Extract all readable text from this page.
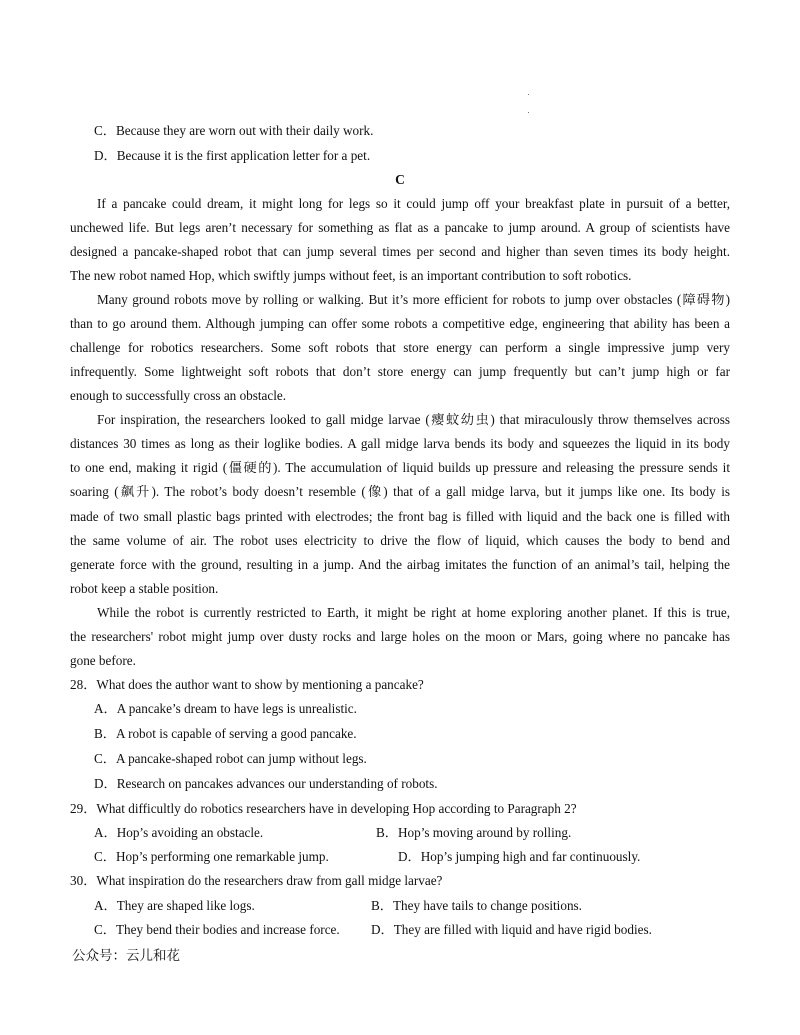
C．Because they are worn out with their daily work.
D．Because it is the first application letter for a pet.
C
If a pancake could dream, it might long for legs so it could jump off your breakfast plate in pursuit of a better,
unchewed life. But legs aren’t necessary for something as flat as a pancake to jump around. A group of scientists have
designed a pancake-shaped robot that can jump several times per second and higher than seven times its body height.
The new robot named Hop, which swiftly jumps without feet, is an important contribution to soft robotics.
Many ground robots move by rolling or walking. But it’s more efficient for robots to jump over obstacles (障碍物)
than to go around them. Although jumping can offer some robots a competitive edge, engineering that ability has been a
challenge for robotics researchers. Some soft robots that store energy can perform a single impressive jump very
infrequently. Some lightweight soft robots that don’t store energy can jump frequently but can’t jump high or far
enough to successfully cross an obstacle.
For inspiration, the researchers looked to gall midge larvae (瘿蚊幼虫) that miraculously throw themselves across
distances 30 times as long as their loglike bodies. A gall midge larva bends its body and squeezes the liquid in its body
to one end, making it rigid (僵硬的). The accumulation of liquid builds up pressure and releasing the pressure sends it
soaring (飙升). The robot’s body doesn’t resemble (像) that of a gall midge larva, but it jumps like one. Its body is
made of two small plastic bags printed with electrodes; the front bag is filled with liquid and the back one is filled with
the same volume of air. The robot uses electricity to drive the flow of liquid, which causes the body to bend and
generate force with the ground, resulting in a jump. And the airbag imitates the function of an animal’s tail, helping the
robot keep a stable position.
While the robot is currently restricted to Earth, it might be right at home exploring another planet. If this is true,
the researchers' robot might jump over dusty rocks and large holes on the moon or Mars, going where no pancake has
gone before.
28．What does the author want to show by mentioning a pancake?
A．A pancake’s dream to have legs is unrealistic.
B．A robot is capable of serving a good pancake.
C．A pancake-shaped robot can jump without legs.
D．Research on pancakes advances our understanding of robots.
29．What difficultly do robotics researchers have in developing Hop according to Paragraph 2?
A．Hop’s avoiding an obstacle.	B．Hop’s moving around by rolling.
C．Hop’s performing one remarkable jump.	D．Hop’s jumping high and far continuously.
30．What inspiration do the researchers draw from gall midge larvae?
A．They are shaped like logs.	B．They have tails to change positions.
C．They bend their bodies and increase force. D．They are filled with liquid and have rigid bodies.
公众号：云儿和花
